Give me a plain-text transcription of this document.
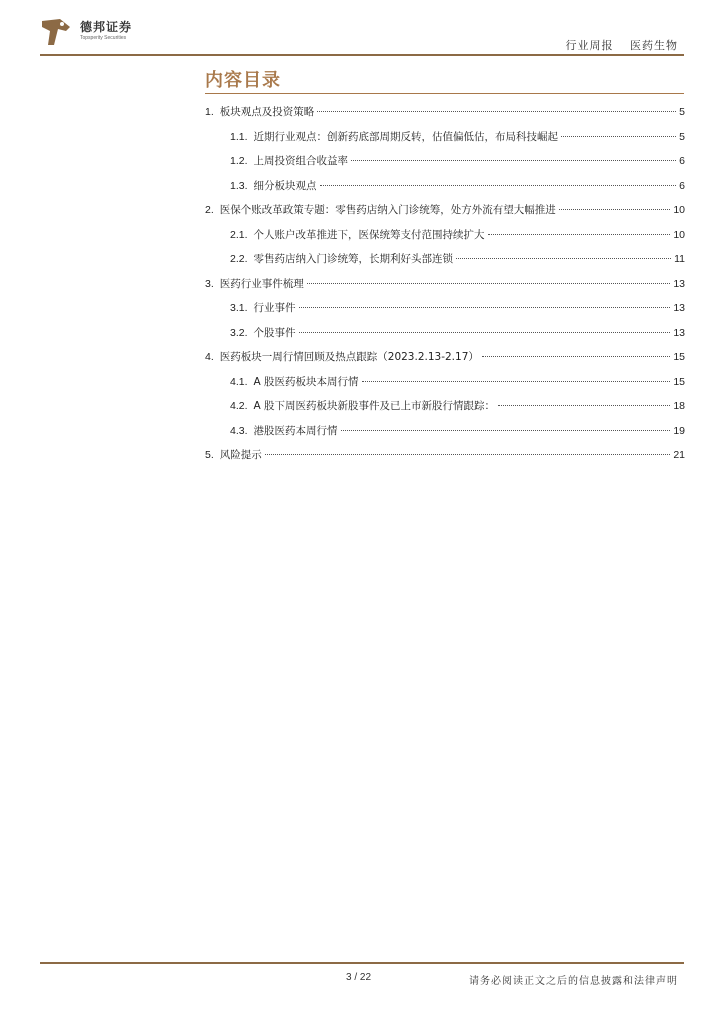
德邦证券
Topsperity Securities
行业周报 医药生物
内容目录
1. 板块观点及投资策略	5
1.1. 近期行业观点：创新药底部周期反转，估值偏低估，布局科技崛起	5
1.2. 上周投资组合收益率	6
1.3. 细分板块观点	6
2. 医保个账改革政策专题：零售药店纳入门诊统筹，处方外流有望大幅推进	10
2.1. 个人账户改革推进下，医保统筹支付范围持续扩大	10
2.2. 零售药店纳入门诊统筹，长期利好头部连锁	11
3. 医药行业事件梳理	13
3.1. 行业事件	13
3.2. 个股事件	13
4. 医药板块一周行情回顾及热点跟踪（2023.2.13-2.17）	15
4.1. A 股医药板块本周行情	15
4.2. A 股下周医药板块新股事件及已上市新股行情跟踪：	18
4.3. 港股医药本周行情	19
5. 风险提示	21
3 / 22	请务必阅读正文之后的信息披露和法律声明
